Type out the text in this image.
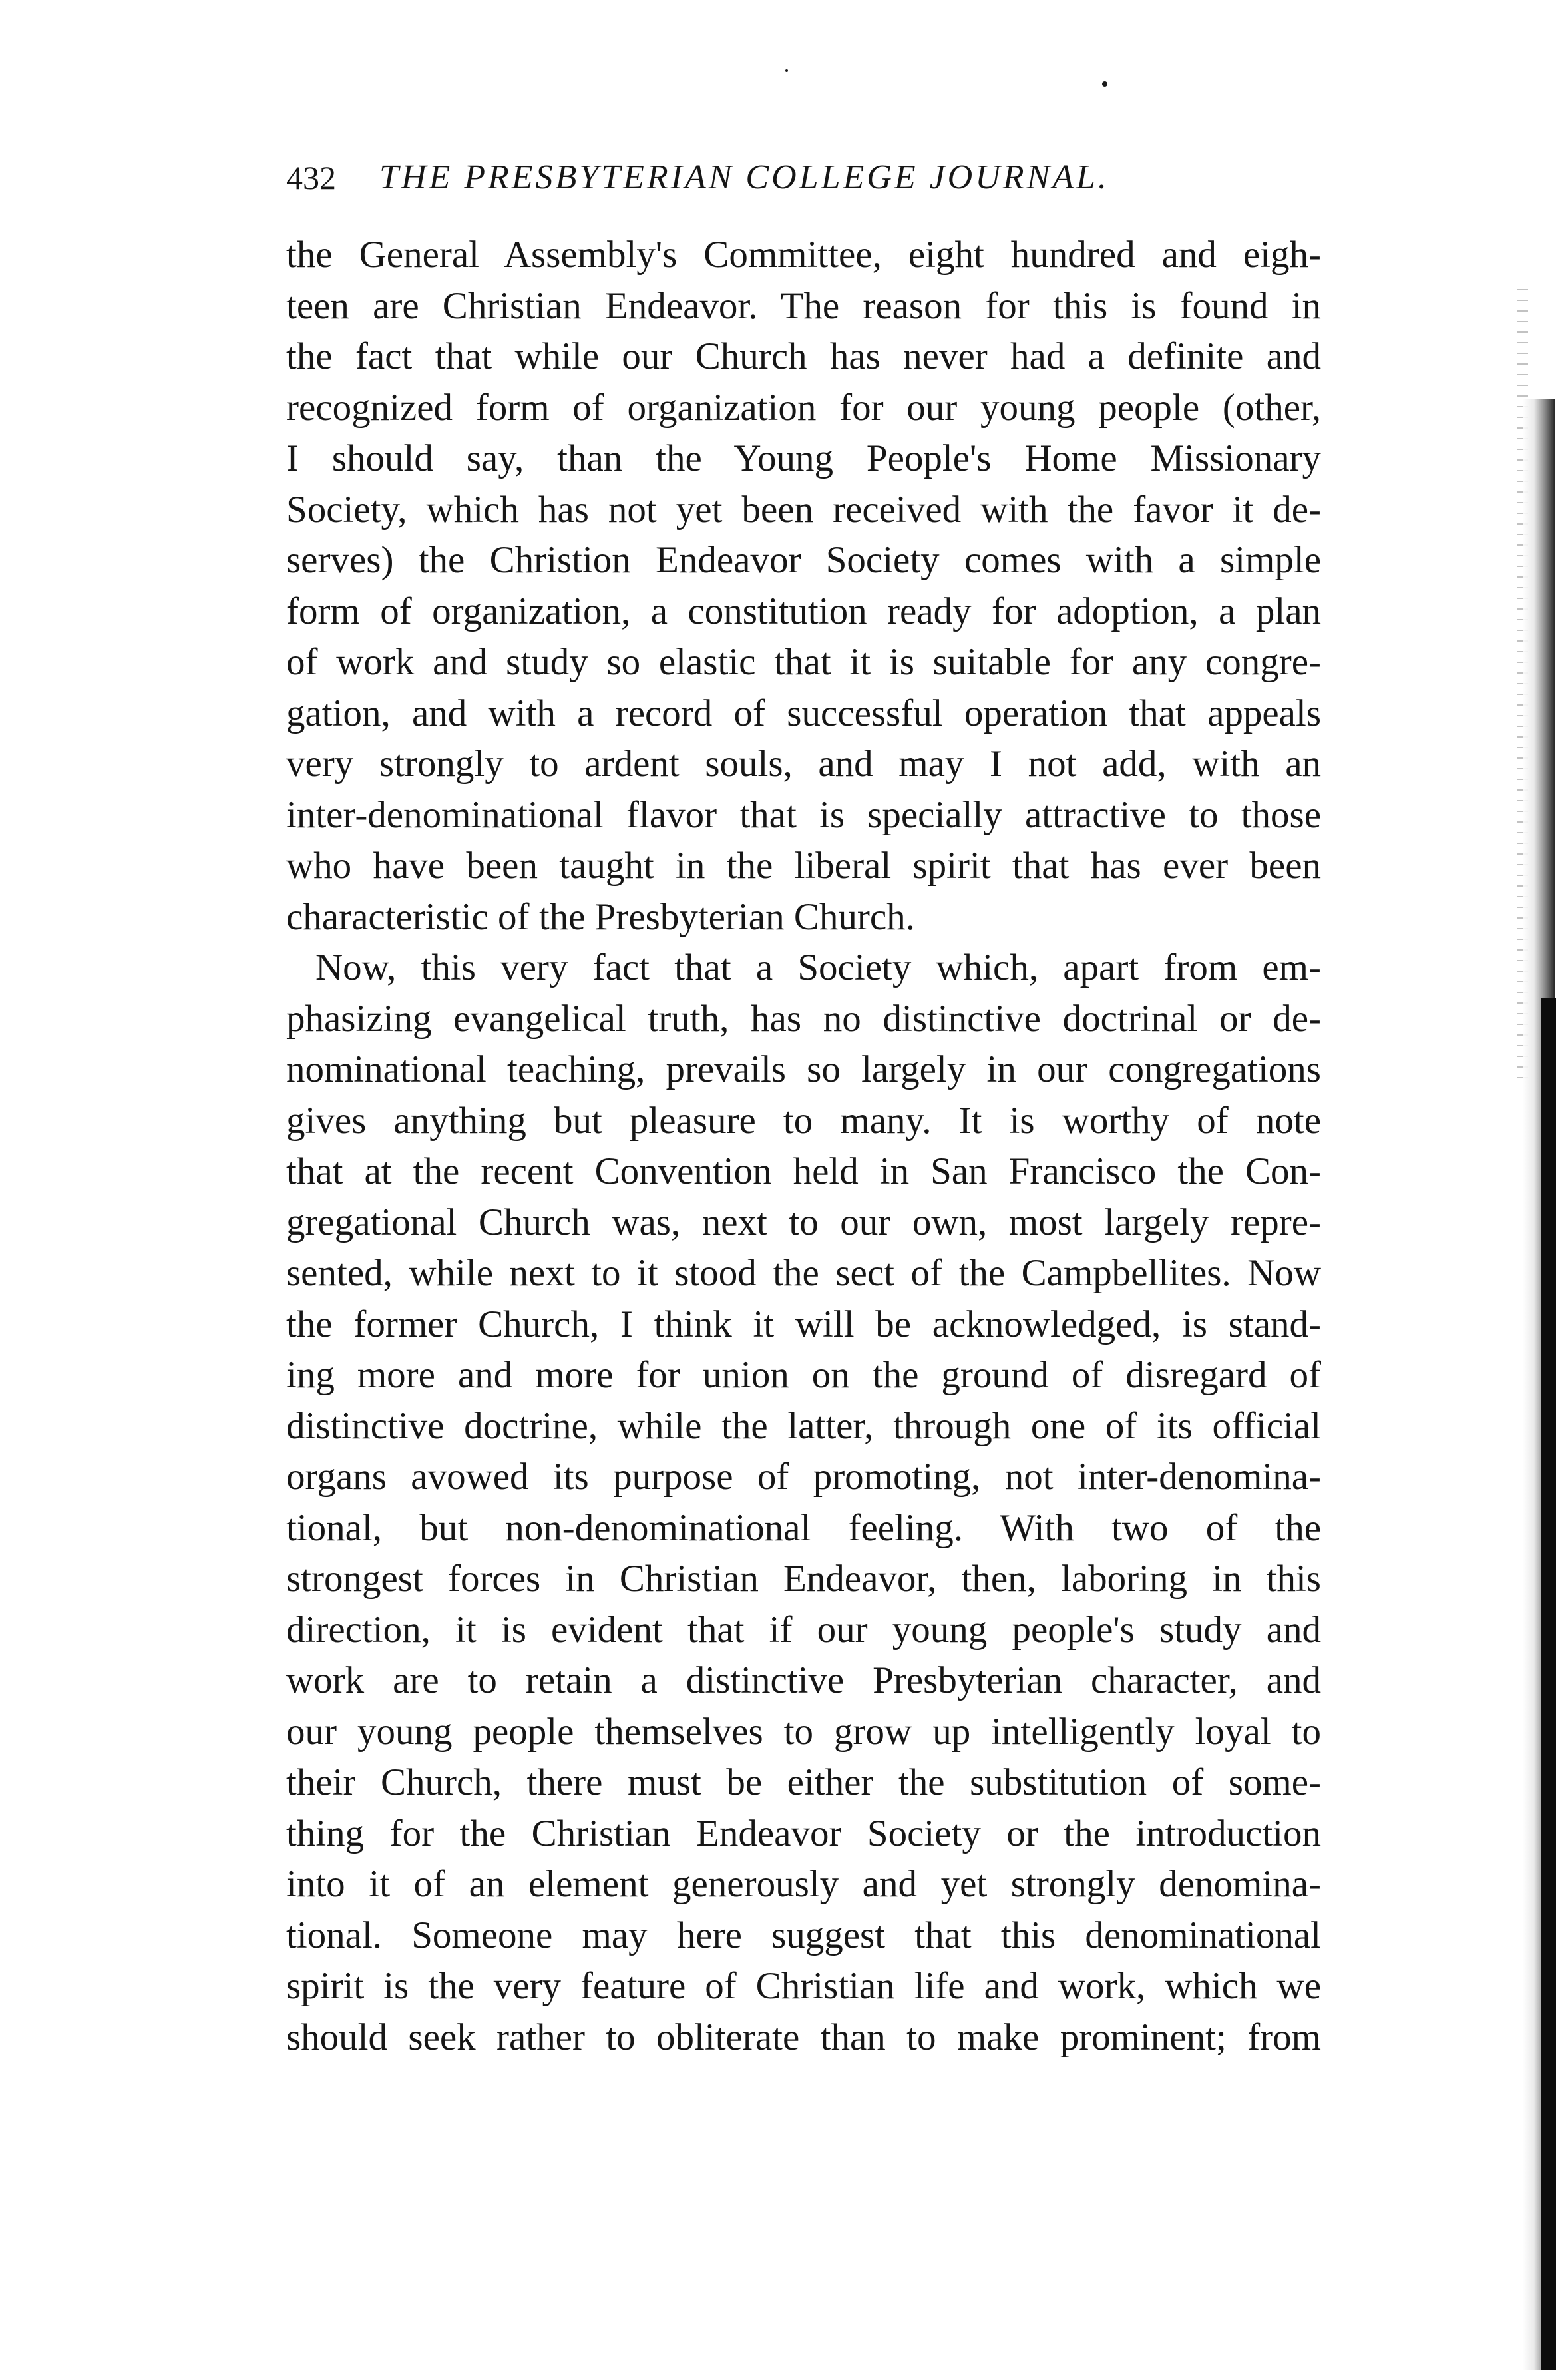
432 THE PRESBYTERIAN COLLEGE JOURNAL.
the General Assembly's Committee, eight hundred and eigh-
teen are Christian Endeavor. The reason for this is found in
the fact that while our Church has never had a definite and
recognized form of organization for our young people (other,
I should say, than the Young People's Home Missionary
Society, which has not yet been received with the favor it de-
serves) the Christion Endeavor Society comes with a simple
form of organization, a constitution ready for adoption, a plan
of work and study so elastic that it is suitable for any congre-
gation, and with a record of successful operation that appeals
very strongly to ardent souls, and may I not add, with an
inter-denominational flavor that is specially attractive to those
who have been taught in the liberal spirit that has ever been
characteristic of the Presbyterian Church.
Now, this very fact that a Society which, apart from em-
phasizing evangelical truth, has no distinctive doctrinal or de-
nominational teaching, prevails so largely in our congregations
gives anything but pleasure to many. It is worthy of note
that at the recent Convention held in San Francisco the Con-
gregational Church was, next to our own, most largely repre-
sented, while next to it stood the sect of the Campbellites. Now
the former Church, I think it will be acknowledged, is stand-
ing more and more for union on the ground of disregard of
distinctive doctrine, while the latter, through one of its official
organs avowed its purpose of promoting, not inter-denomina-
tional, but non-denominational feeling. With two of the
strongest forces in Christian Endeavor, then, laboring in this
direction, it is evident that if our young people's study and
work are to retain a distinctive Presbyterian character, and
our young people themselves to grow up intelligently loyal to
their Church, there must be either the substitution of some-
thing for the Christian Endeavor Society or the introduction
into it of an element generously and yet strongly denomina-
tional. Someone may here suggest that this denominational
spirit is the very feature of Christian life and work, which we
should seek rather to obliterate than to make prominent; from
